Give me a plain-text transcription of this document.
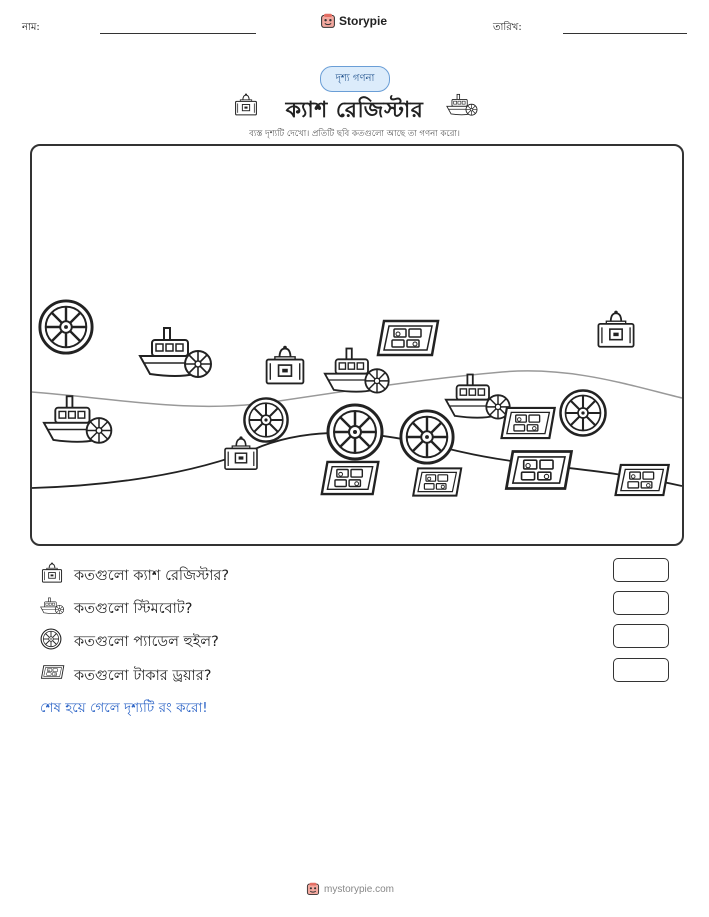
নাম:	Storypie	তারিখ:
দৃশ্য গণনা
ক্যাশ রেজিস্টার
ব্যস্ত দৃশ্যটি দেখো। প্রতিটি ছবি কতগুলো আছে তা গণনা করো।
কতগুলো ক্যাশ রেজিস্টার?
কতগুলো স্টিমবোট?
কতগুলো প্যাডেল হুইল?
কতগুলো টাকার ড্রয়ার?
শেষ হয়ে গেলে দৃশ্যটি রং করো!
mystorypie.com
